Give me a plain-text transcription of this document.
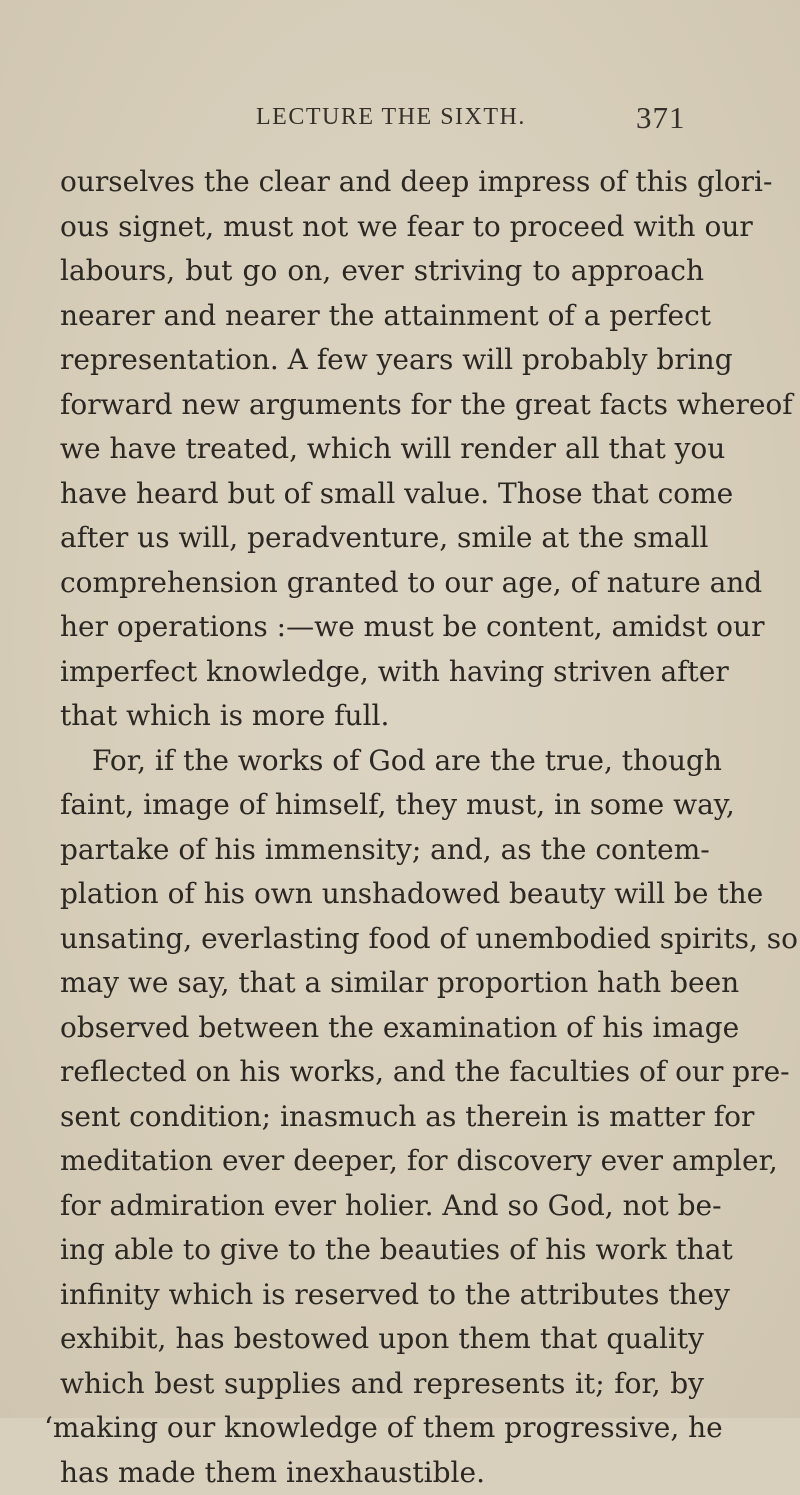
LECTURE THE SIXTH.	371
ourselves the clear and deep impress of this glori-
ous signet, must not we fear to proceed with our
labours, but go on, ever striving to approach
nearer and nearer the attainment of a perfect
representation. A few years will probably bring
forward new arguments for the great facts whereof
we have treated, which will render all that you
have heard but of small value. Those that come
after us will, peradventure, smile at the small
comprehension granted to our age, of nature and
her operations :—we must be content, amidst our
imperfect knowledge, with having striven after
that which is more full.
For, if the works of God are the true, though
faint, image of himself, they must, in some way,
partake of his immensity; and, as the contem-
plation of his own unshadowed beauty will be the
unsating, everlasting food of unembodied spirits, so
may we say, that a similar proportion hath been
observed between the examination of his image
reflected on his works, and the faculties of our pre-
sent condition; inasmuch as therein is matter for
meditation ever deeper, for discovery ever ampler,
for admiration ever holier. And so God, not be-
ing able to give to the beauties of his work that
infinity which is reserved to the attributes they
exhibit, has bestowed upon them that quality
which best supplies and represents it; for, by
‘making our knowledge of them progressive, he
has made them inexhaustible.
